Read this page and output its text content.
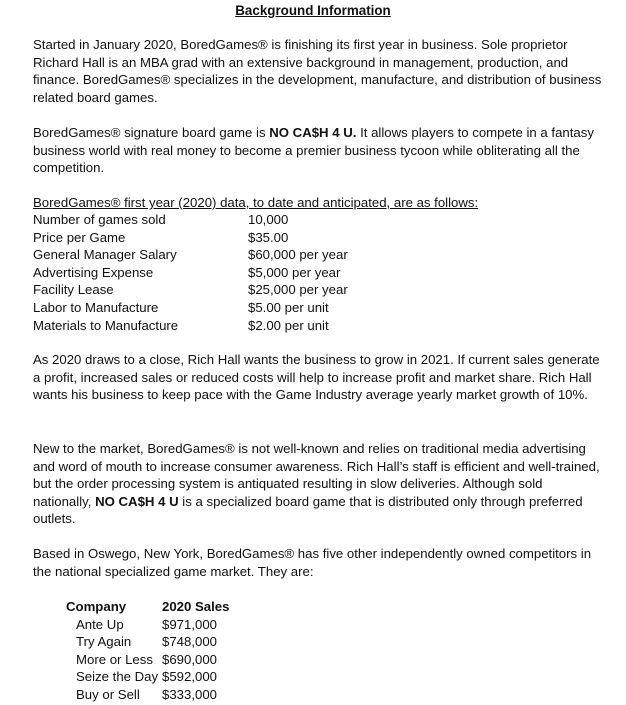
Background Information

Started in January 2020, BoredGames® is finishing its first year in business. Sole proprietor Richard Hall is an MBA grad with an extensive background in management, production, and finance. BoredGames® specializes in the development, manufacture, and distribution of business related board games.

BoredGames® signature board game is NO CA$H 4 U. It allows players to compete in a fantasy business world with real money to become a premier business tycoon while obliterating all the competition.

BoredGames® first year (2020) data, to date and anticipated, are as follows:
Number of games sold	10,000
Price per Game	$35.00
General Manager Salary	$60,000 per year
Advertising Expense	$5,000 per year
Facility Lease	$25,000 per year
Labor to Manufacture	$5.00 per unit
Materials to Manufacture	$2.00 per unit

As 2020 draws to a close, Rich Hall wants the business to grow in 2021. If current sales generate a profit, increased sales or reduced costs will help to increase profit and market share. Rich Hall wants his business to keep pace with the Game Industry average yearly market growth of 10%.

New to the market, BoredGames® is not well-known and relies on traditional media advertising and word of mouth to increase consumer awareness. Rich Hall’s staff is efficient and well-trained, but the order processing system is antiquated resulting in slow deliveries. Although sold nationally, NO CA$H 4 U is a specialized board game that is distributed only through preferred outlets.

Based in Oswego, New York, BoredGames® has five other independently owned competitors in the national specialized game market. They are:

Company	2020 Sales
Ante Up	$971,000
Try Again $748,000
More or Less $690,000
Seize the Day $592,000
Buy or Sell $333,000
